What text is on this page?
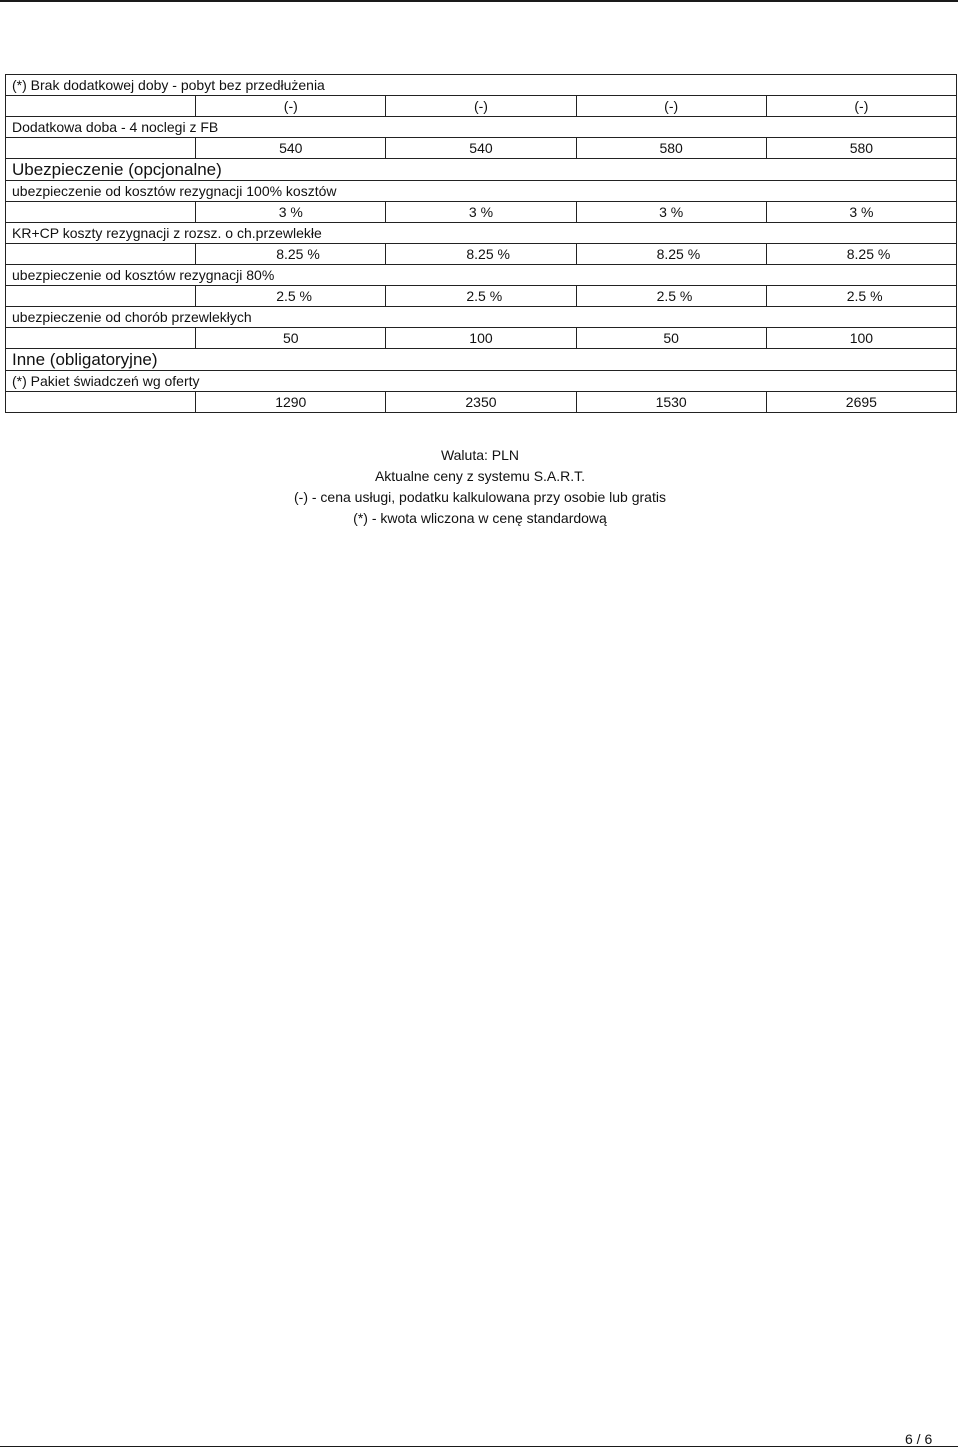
(*) Brak dodatkowej doby - pobyt bez przedłużenia				
	(-)	(-)	(-)	(-)
Dodatkowa doba - 4 noclegi z FB				
	540	540	580	580
Ubezpieczenie (opcjonalne)				
ubezpieczenie od kosztów rezygnacji 100% kosztów				
	3 %	3 %	3 %	3 %
KR+CP koszty rezygnacji z rozsz. o ch.przewlekłe				
	8.25 %	8.25 %	8.25 %	8.25 %
ubezpieczenie od kosztów rezygnacji 80%				
	2.5 %	2.5 %	2.5 %	2.5 %
ubezpieczenie od chorób przewlekłych				
	50	100	50	100
Inne (obligatoryjne)				
(*) Pakiet świadczeń wg oferty				
	1290	2350	1530	2695
Waluta: PLN
Aktualne ceny z systemu S.A.R.T.
(-) - cena usługi, podatku kalkulowana przy osobie lub gratis
(*) - kwota wliczona w cenę standardową
6 / 6
